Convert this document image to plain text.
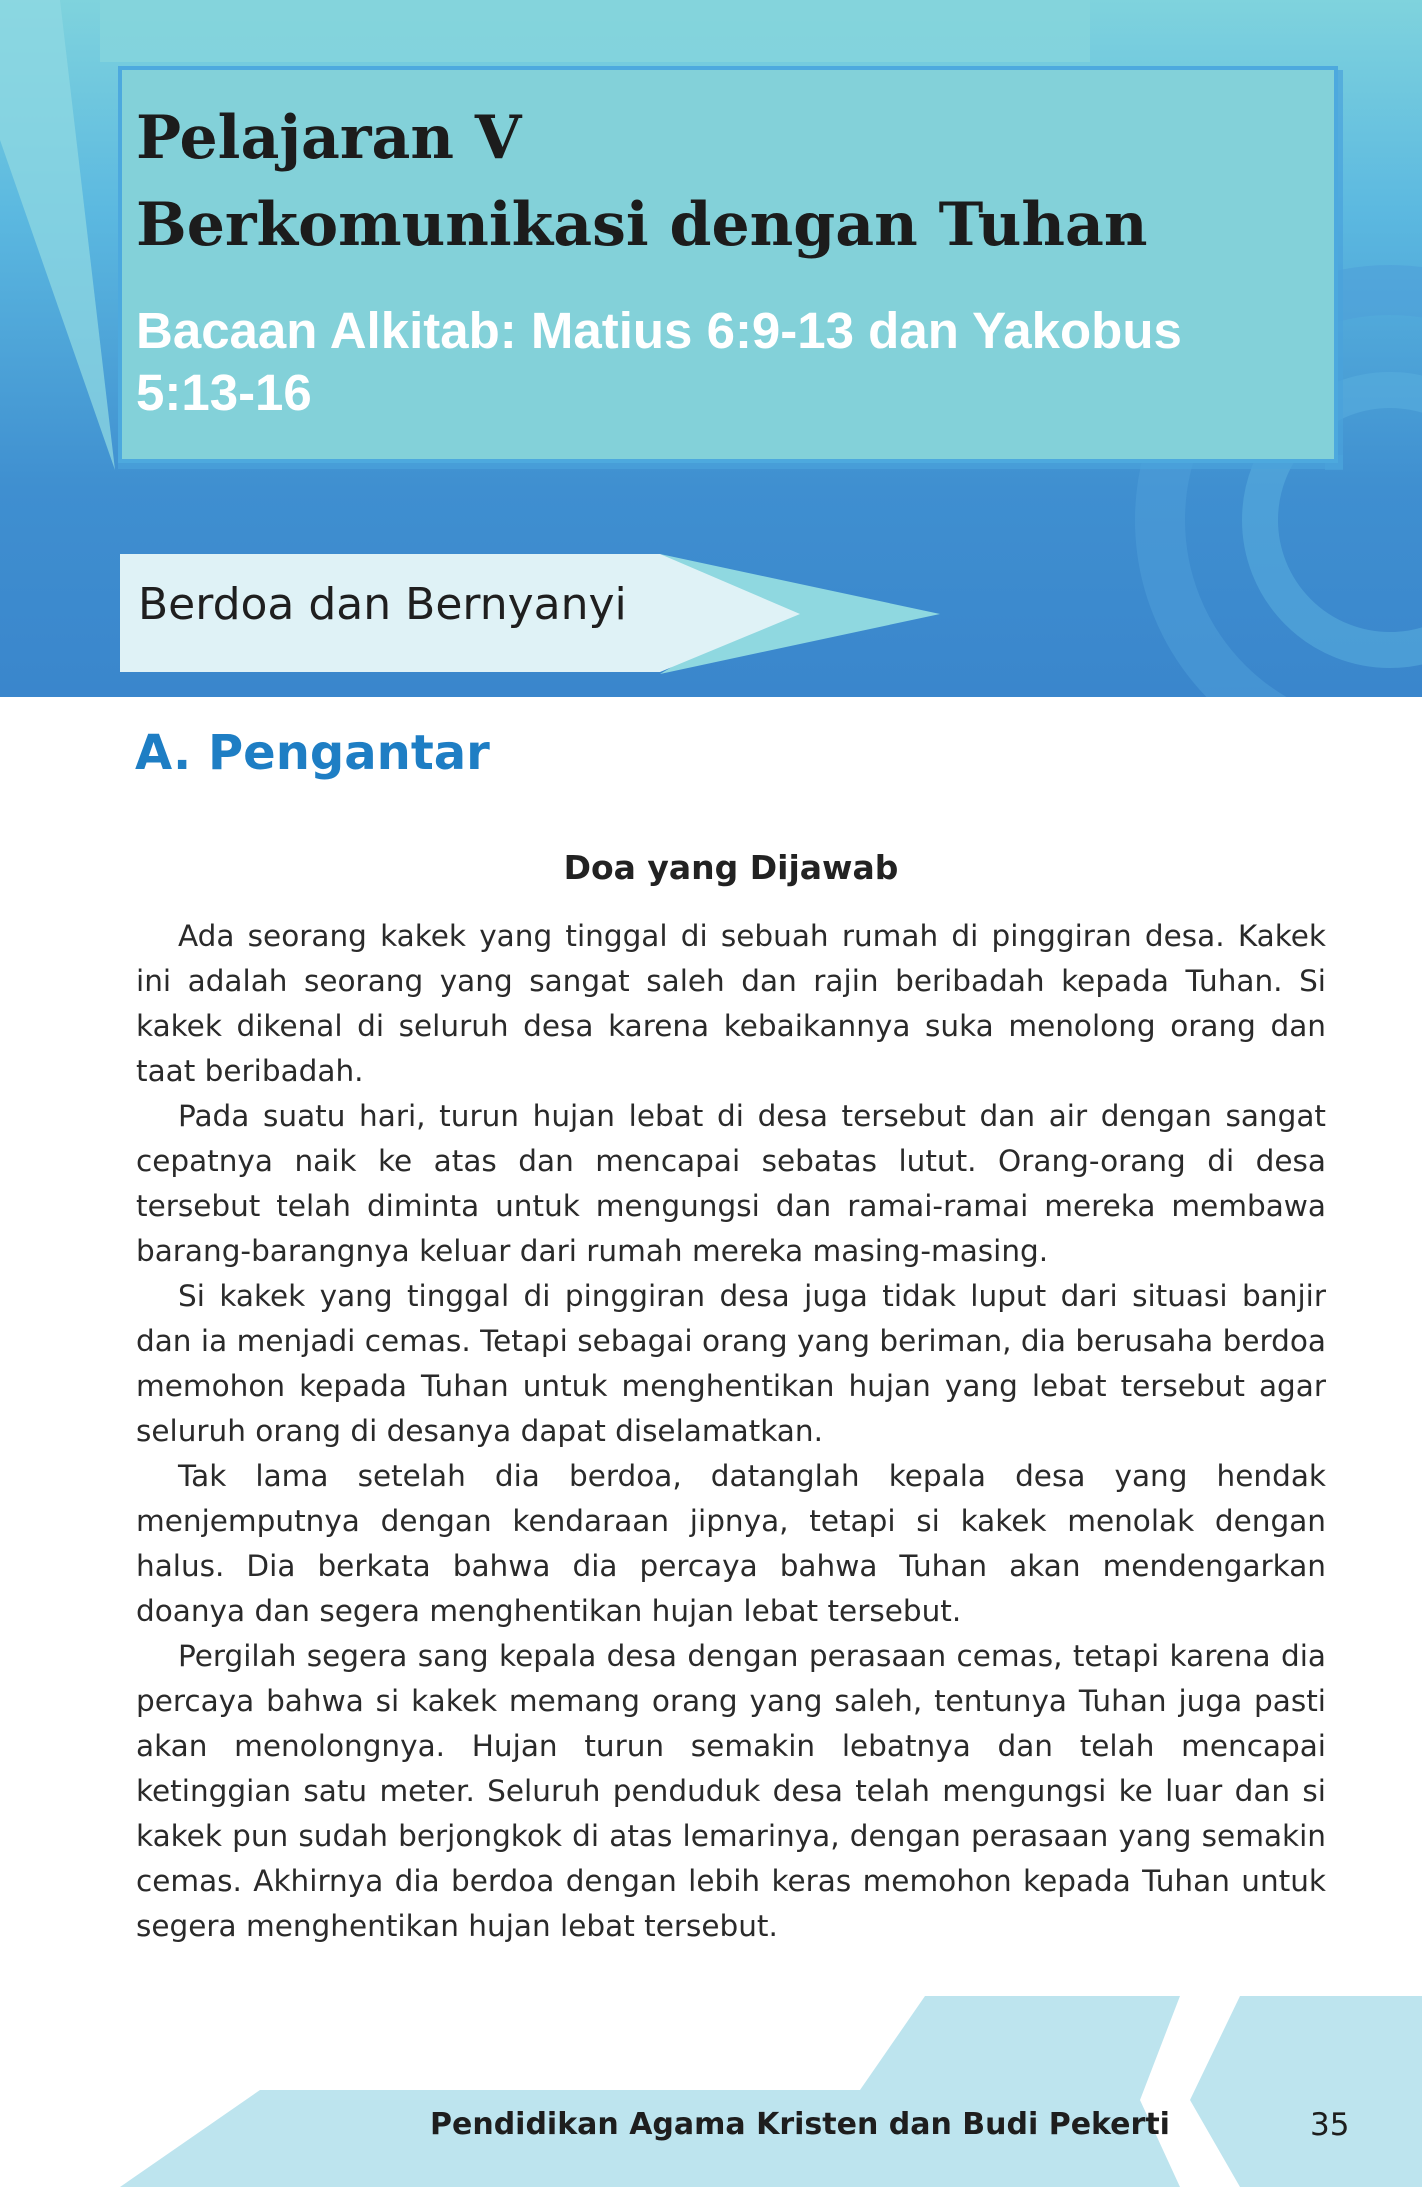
Pelajaran V
Berkomunikasi dengan Tuhan
Bacaan Alkitab: Matius 6:9-13 dan Yakobus 5:13-16
Berdoa dan Bernyanyi
A. Pengantar
Doa yang Dijawab

Ada seorang kakek yang tinggal di sebuah rumah di pinggiran desa. Kakek ini adalah seorang yang sangat saleh dan rajin beribadah kepada Tuhan. Si kakek dikenal di seluruh desa karena kebaikannya suka menolong orang dan taat beribadah.

Pada suatu hari, turun hujan lebat di desa tersebut dan air dengan sangat cepatnya naik ke atas dan mencapai sebatas lutut. Orang-orang di desa tersebut telah diminta untuk mengungsi dan ramai-ramai mereka membawa barang-barangnya keluar dari rumah mereka masing-masing.

Si kakek yang tinggal di pinggiran desa juga tidak luput dari situasi banjir dan ia menjadi cemas. Tetapi sebagai orang yang beriman, dia berusaha berdoa memohon kepada Tuhan untuk menghentikan hujan yang lebat tersebut agar seluruh orang di desanya dapat diselamatkan.

Tak lama setelah dia berdoa, datanglah kepala desa yang hendak menjemputnya dengan kendaraan jipnya, tetapi si kakek menolak dengan halus. Dia berkata bahwa dia percaya bahwa Tuhan akan mendengarkan doanya dan segera menghentikan hujan lebat tersebut.

Pergilah segera sang kepala desa dengan perasaan cemas, tetapi karena dia percaya bahwa si kakek memang orang yang saleh, tentunya Tuhan juga pasti akan menolongnya. Hujan turun semakin lebatnya dan telah mencapai ketinggian satu meter. Seluruh penduduk desa telah mengungsi ke luar dan si kakek pun sudah berjongkok di atas lemarinya, dengan perasaan yang semakin cemas. Akhirnya dia berdoa dengan lebih keras memohon kepada Tuhan untuk segera menghentikan hujan lebat tersebut.

Pendidikan Agama Kristen dan Budi Pekerti	35
